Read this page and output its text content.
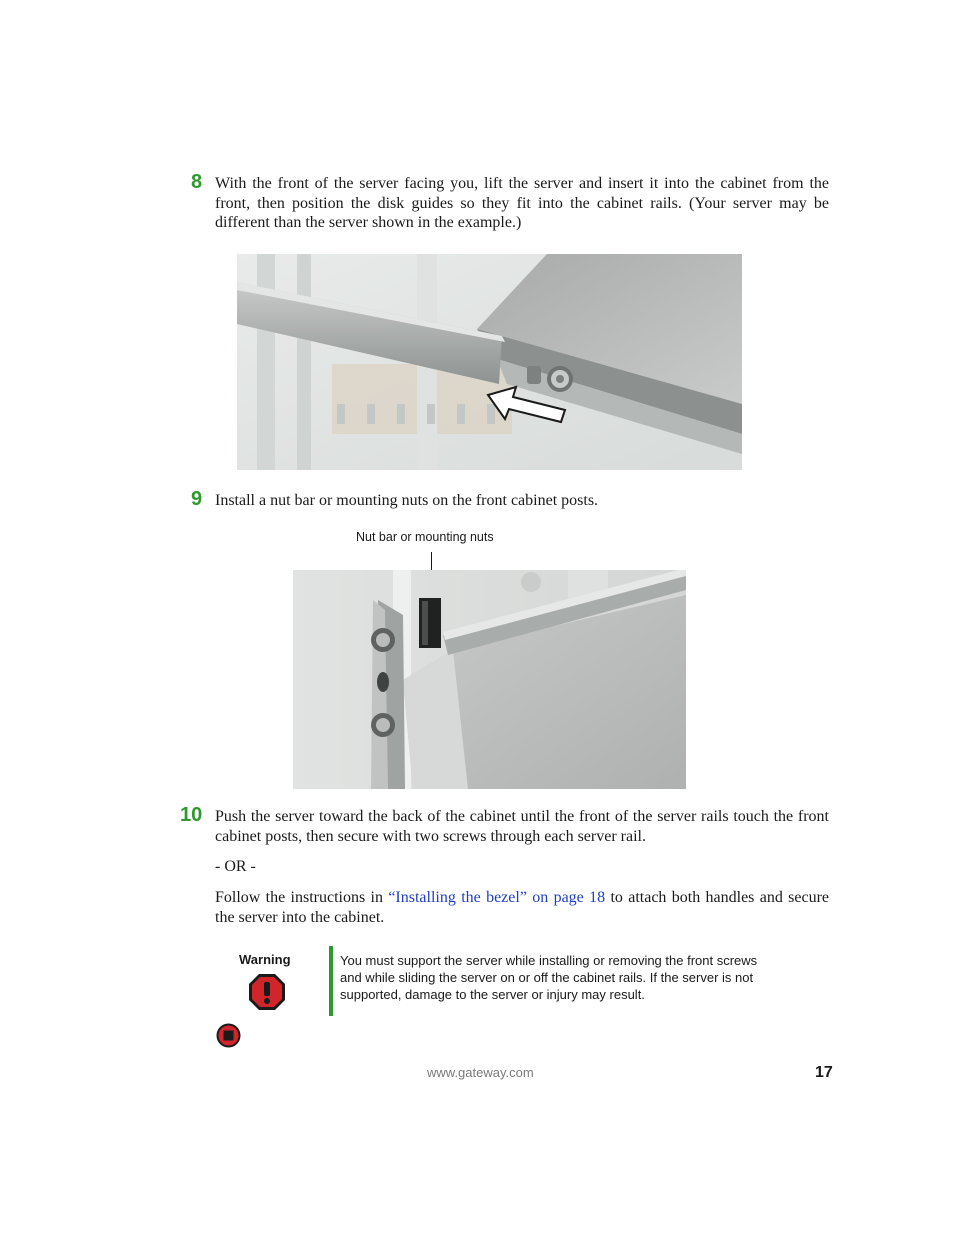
8 With the front of the server facing you, lift the server and insert it into the cabinet from the front, then position the disk guides so they fit into the cabinet rails. (Your server may be different than the server shown in the example.)

9 Install a nut bar or mounting nuts on the front cabinet posts.

Nut bar or mounting nuts
10 Push the server toward the back of the cabinet until the front of the server rails touch the front cabinet posts, then secure with two screws through each server rail.

- OR -

Follow the instructions in “Installing the bezel” on page 18 to attach both handles and secure the server into the cabinet.

Warning	You must support the server while installing or removing the front screws and while sliding the server on or off the cabinet rails. If the server is not supported, damage to the server or injury may result.
www.gateway.com	17
